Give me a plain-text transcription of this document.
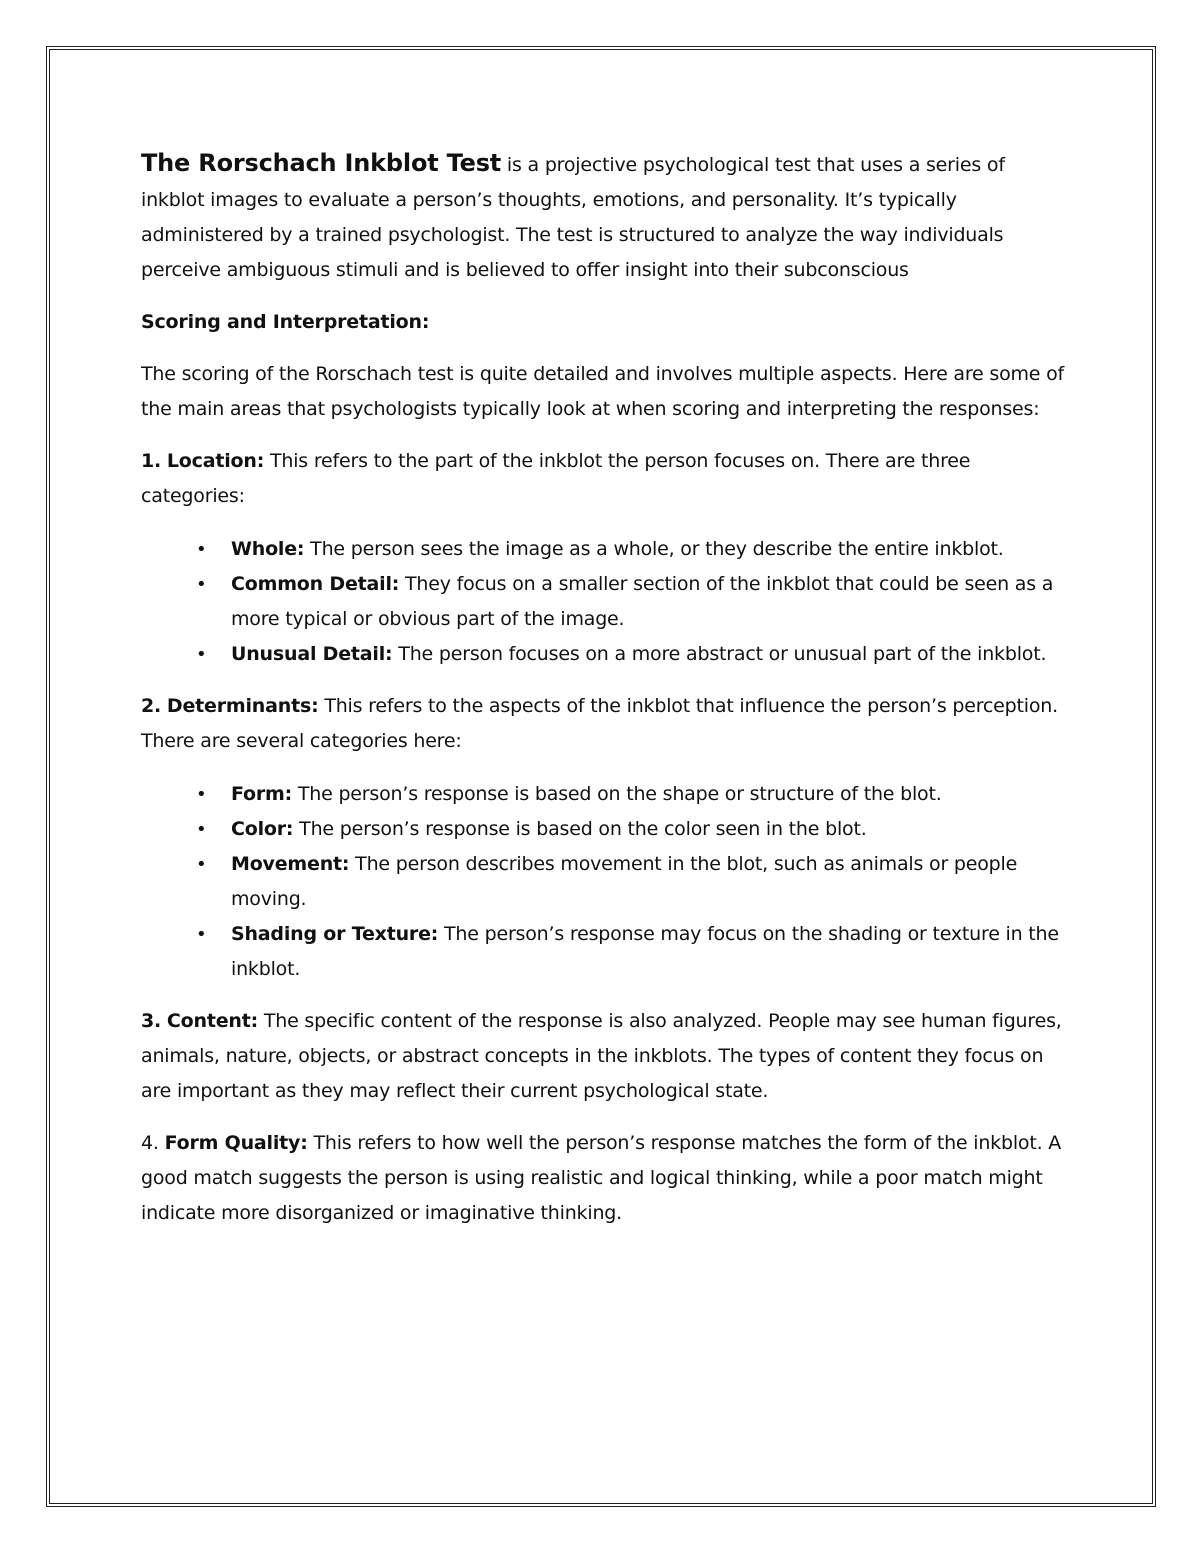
The Rorschach Inkblot Test is a projective psychological test that uses a series of inkblot images to evaluate a person’s thoughts, emotions, and personality. It’s typically administered by a trained psychologist. The test is structured to analyze the way individuals perceive ambiguous stimuli and is believed to offer insight into their subconscious

Scoring and Interpretation:

The scoring of the Rorschach test is quite detailed and involves multiple aspects. Here are some of the main areas that psychologists typically look at when scoring and interpreting the responses:

1. Location: This refers to the part of the inkblot the person focuses on. There are three categories:

• Whole: The person sees the image as a whole, or they describe the entire inkblot.
• Common Detail: They focus on a smaller section of the inkblot that could be seen as a more typical or obvious part of the image.
• Unusual Detail: The person focuses on a more abstract or unusual part of the inkblot.

2. Determinants: This refers to the aspects of the inkblot that influence the person’s perception. There are several categories here:

• Form: The person’s response is based on the shape or structure of the blot.
• Color: The person’s response is based on the color seen in the blot.
• Movement: The person describes movement in the blot, such as animals or people moving.
• Shading or Texture: The person’s response may focus on the shading or texture in the inkblot.

3. Content: The specific content of the response is also analyzed. People may see human figures, animals, nature, objects, or abstract concepts in the inkblots. The types of content they focus on are important as they may reflect their current psychological state.

4. Form Quality: This refers to how well the person’s response matches the form of the inkblot. A good match suggests the person is using realistic and logical thinking, while a poor match might indicate more disorganized or imaginative thinking.
